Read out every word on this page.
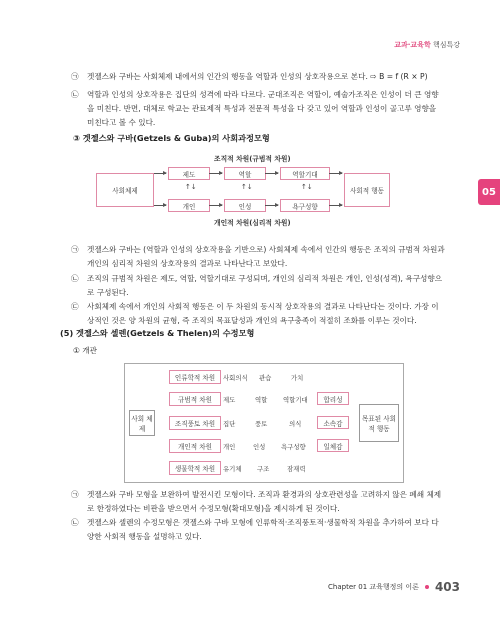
교과·교육학 핵심특강
05
㉠ 겟젤스와 구바는 사회체제 내에서의 인간의 행동을 역할과 인성의 상호작용으로 본다. ⇨ B = f (R × P)
㉡ 역할과 인성의 상호작용은 집단의 성격에 따라 다르다. 군대조직은 역할이, 예술가조직은 인성이 더 큰 영향을 미친다. 반면, 대체로 학교는 관료제적 특성과 전문적 특성을 다 갖고 있어 역할과 인성이 골고루 영향을 미친다고 볼 수 있다.
③ 겟젤스와 구바(Getzels & Guba)의 사회과정모형
조직적 차원(규범적 차원)
사회체제	사회적 행동
제도	역할	역할기대
개인	인성	욕구성향
↑↓	↑↓	↑↓
개인적 차원(심리적 차원)
㉠ 겟젤스와 구바는 (역할과 인성의 상호작용을 기반으로) 사회체제 속에서 인간의 행동은 조직의 규범적 차원과 개인의 심리적 차원의 상호작용의 결과로 나타난다고 보았다.
㉡ 조직의 규범적 차원은 제도, 역할, 역할기대로 구성되며, 개인의 심리적 차원은 개인, 인성(성격), 욕구성향으로 구성된다.
㉢ 사회체제 속에서 개인의 사회적 행동은 이 두 차원의 동시적 상호작용의 결과로 나타난다는 것이다. 가장 이상적인 것은 양 차원의 균형, 즉 조직의 목표달성과 개인의 욕구충족이 적절히 조화를 이루는 것이다.
(5) 겟젤스와 셀렌(Getzels & Thelen)의 수정모형
① 개관
사회 체제
목표된 사회적 행동
인류학적 차원	사회의식 관습	가치
규범적 차원	제도	역할 역할기대	합리성
조직풍토 차원	집단	풍토	의식	소속감
개인적 차원	개인	인성 욕구성향	일체감
생물학적 차원	유기체 구조	잠재력
㉠ 겟젤스와 구바 모형을 보완하여 발전시킨 모형이다. 조직과 환경과의 상호관련성을 고려하지 않은 폐쇄 체제로 한정하였다는 비판을 받으면서 수정모형(확대모형)을 제시하게 된 것이다.
㉡ 겟젤스와 셀렌의 수정모형은 겟젤스와 구바 모형에 인류학적·조직풍토적·생물학적 차원을 추가하여 보다 다양한 사회적 행동을 설명하고 있다.
Chapter 01 교육행정의 이론 403
